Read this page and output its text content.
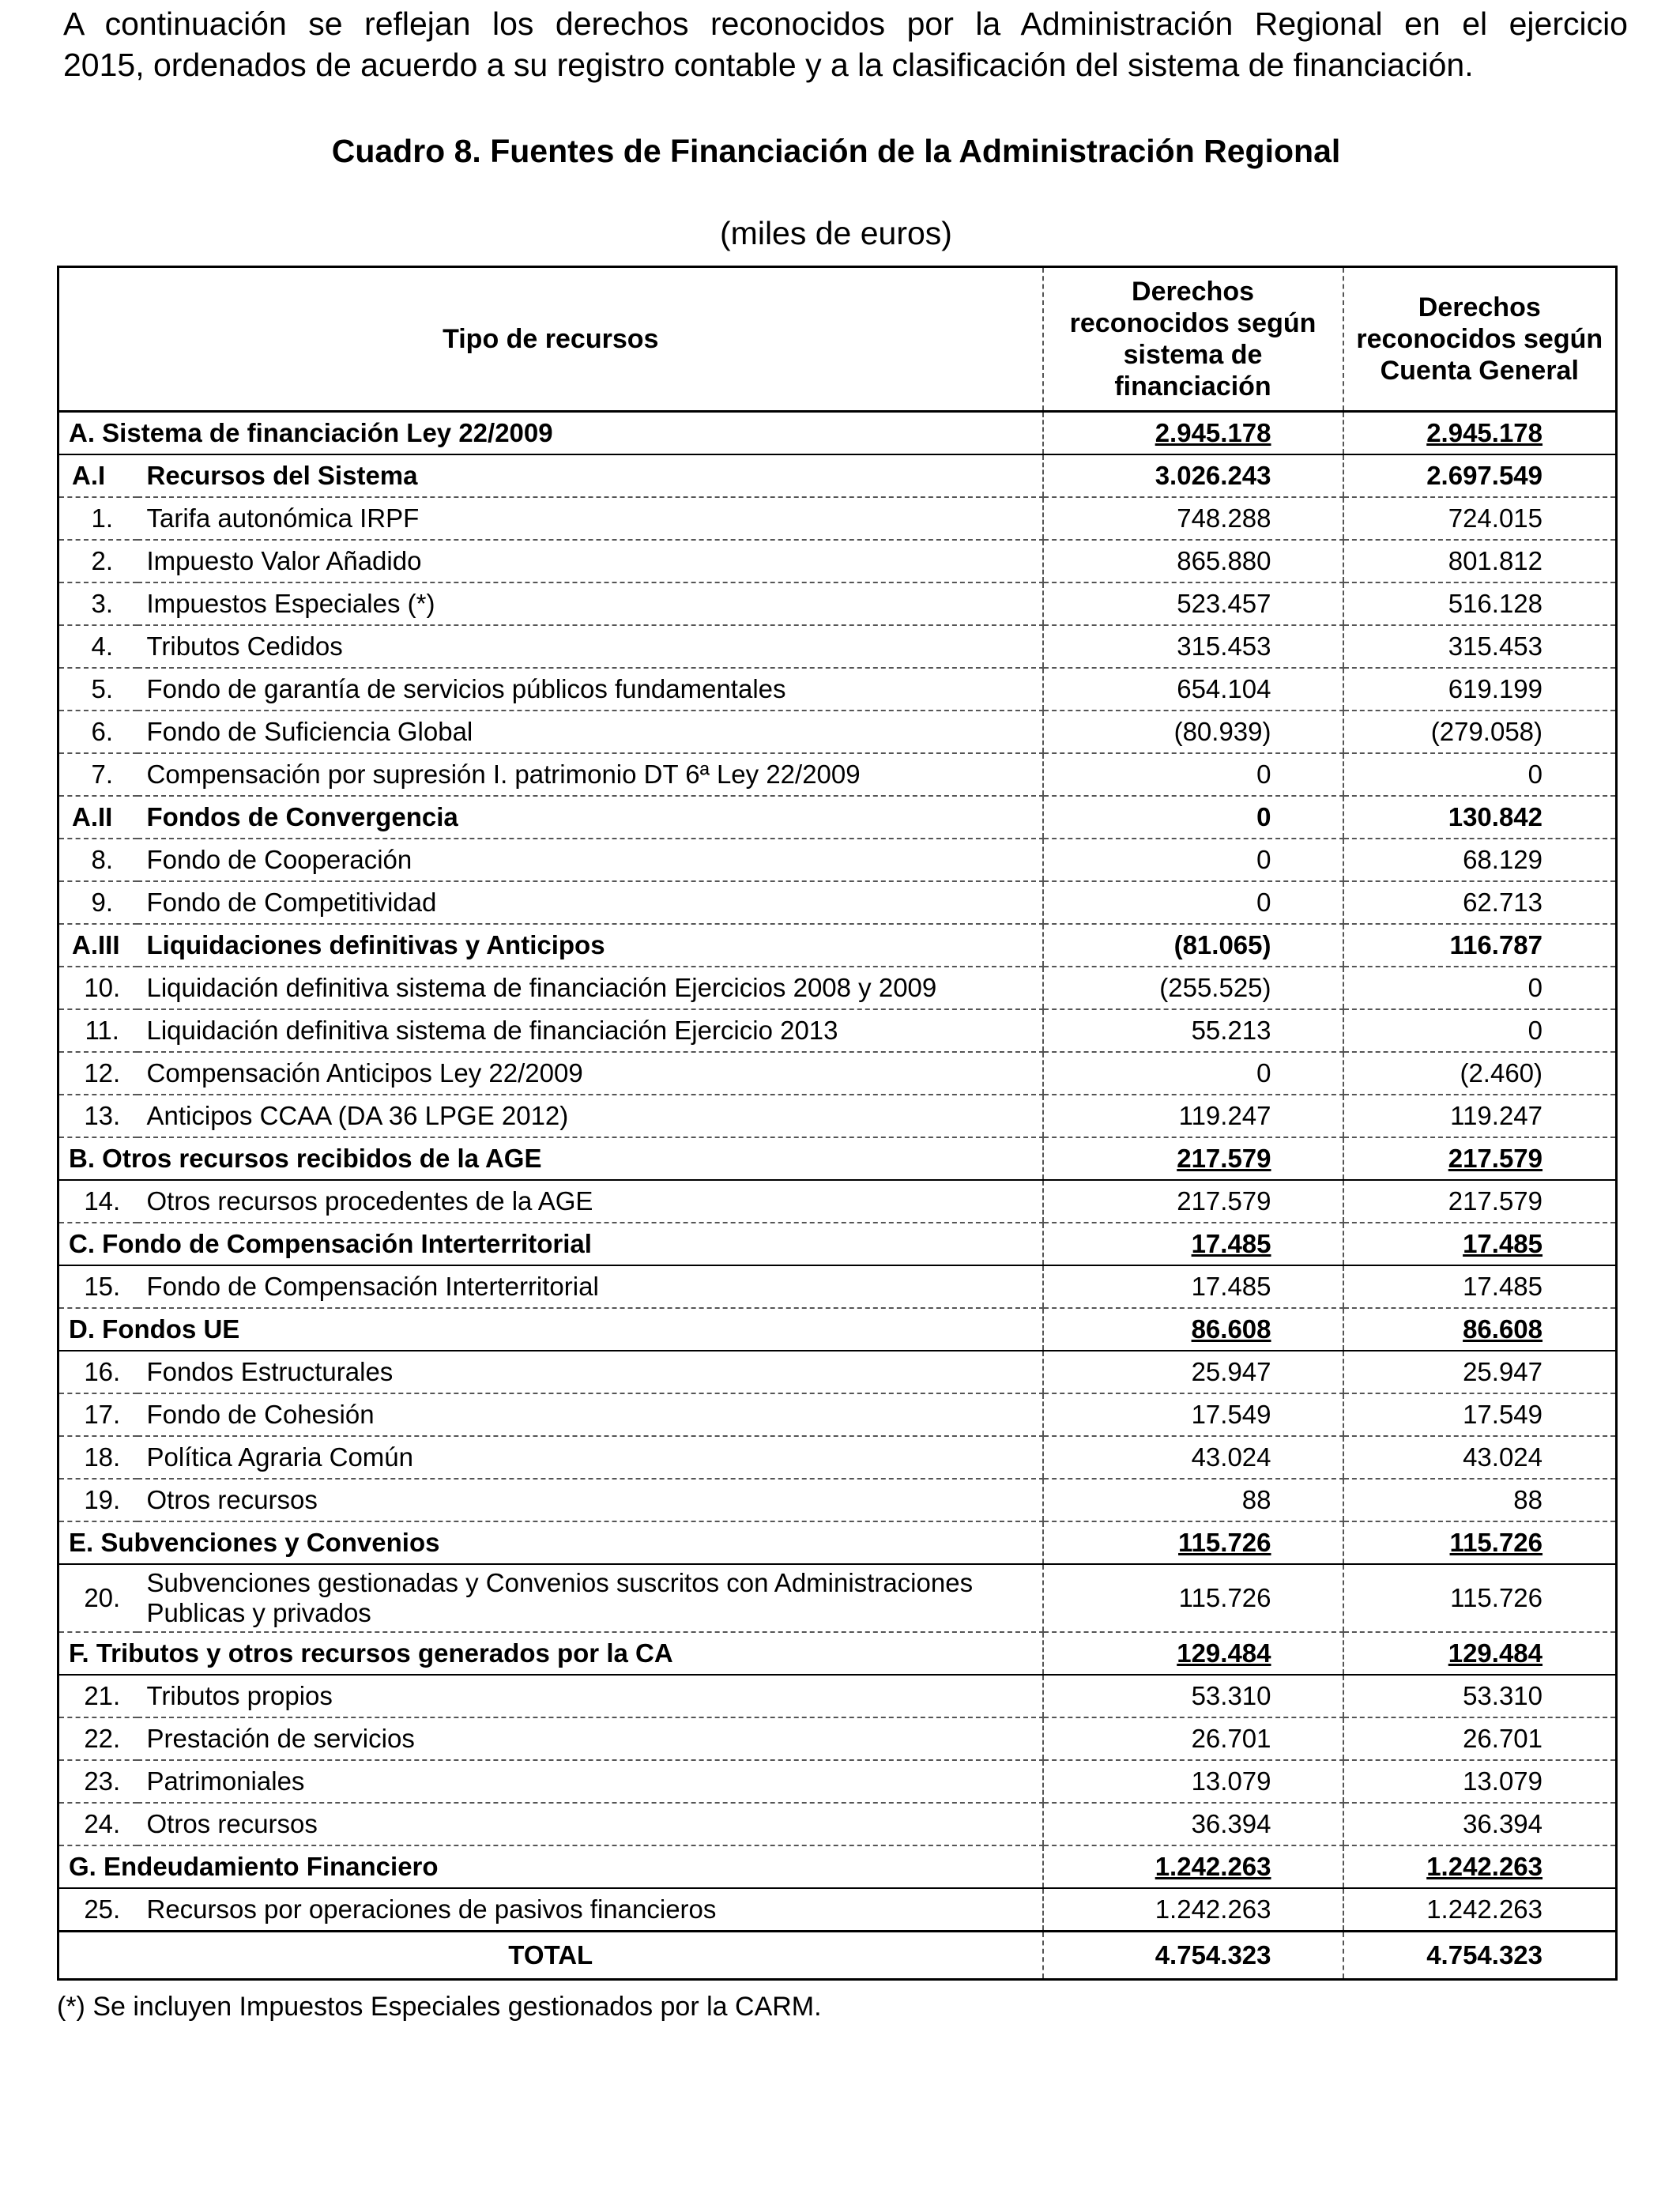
A continuación se reflejan los derechos reconocidos por la Administración Regional en el ejercicio
2015, ordenados de acuerdo a su registro contable y a la clasificación del sistema de financiación.

Cuadro 8. Fuentes de Financiación de la Administración Regional

(miles de euros)

Tipo de recursos		Derechos reconocidos según sistema de financiación	Derechos reconocidos según Cuenta General
A. Sistema de financiación Ley 22/2009		2.945.178	2.945.178
A.I	Recursos del Sistema	3.026.243	2.697.549
1.	Tarifa autonómica IRPF	748.288	724.015
2.	Impuesto Valor Añadido	865.880	801.812
3.	Impuestos Especiales (*)	523.457	516.128
4.	Tributos Cedidos	315.453	315.453
5.	Fondo de garantía de servicios públicos fundamentales	654.104	619.199
6.	Fondo de Suficiencia Global	(80.939)	(279.058)
7.	Compensación por supresión I. patrimonio DT 6ª Ley 22/2009	0	0
A.II	Fondos de Convergencia	0	130.842
8.	Fondo de Cooperación	0	68.129
9.	Fondo de Competitividad	0	62.713
A.III	Liquidaciones definitivas y Anticipos	(81.065)	116.787
10.	Liquidación definitiva sistema de financiación Ejercicios 2008 y 2009	(255.525)	0
11.	Liquidación definitiva sistema de financiación Ejercicio 2013	55.213	0
12.	Compensación Anticipos Ley 22/2009	0	(2.460)
13.	Anticipos CCAA (DA 36 LPGE 2012)	119.247	119.247
B. Otros recursos recibidos de la AGE		217.579	217.579
14.	Otros recursos procedentes de la AGE	217.579	217.579
C. Fondo de Compensación Interterritorial		17.485	17.485
15.	Fondo de Compensación Interterritorial	17.485	17.485
D. Fondos UE		86.608	86.608
16.	Fondos Estructurales	25.947	25.947
17.	Fondo de Cohesión	17.549	17.549
18.	Política Agraria Común	43.024	43.024
19.	Otros recursos	88	88
E. Subvenciones y Convenios		115.726	115.726
20.	Subvenciones gestionadas y Convenios suscritos con Administraciones Publicas y privados	115.726	115.726
F. Tributos y otros recursos generados por la CA		129.484	129.484
21.	Tributos propios	53.310	53.310
22.	Prestación de servicios	26.701	26.701
23.	Patrimoniales	13.079	13.079
24.	Otros recursos	36.394	36.394
G. Endeudamiento Financiero		1.242.263	1.242.263
25.	Recursos por operaciones de pasivos financieros	1.242.263	1.242.263
TOTAL		4.754.323	4.754.323

(*) Se incluyen Impuestos Especiales gestionados por la CARM.
